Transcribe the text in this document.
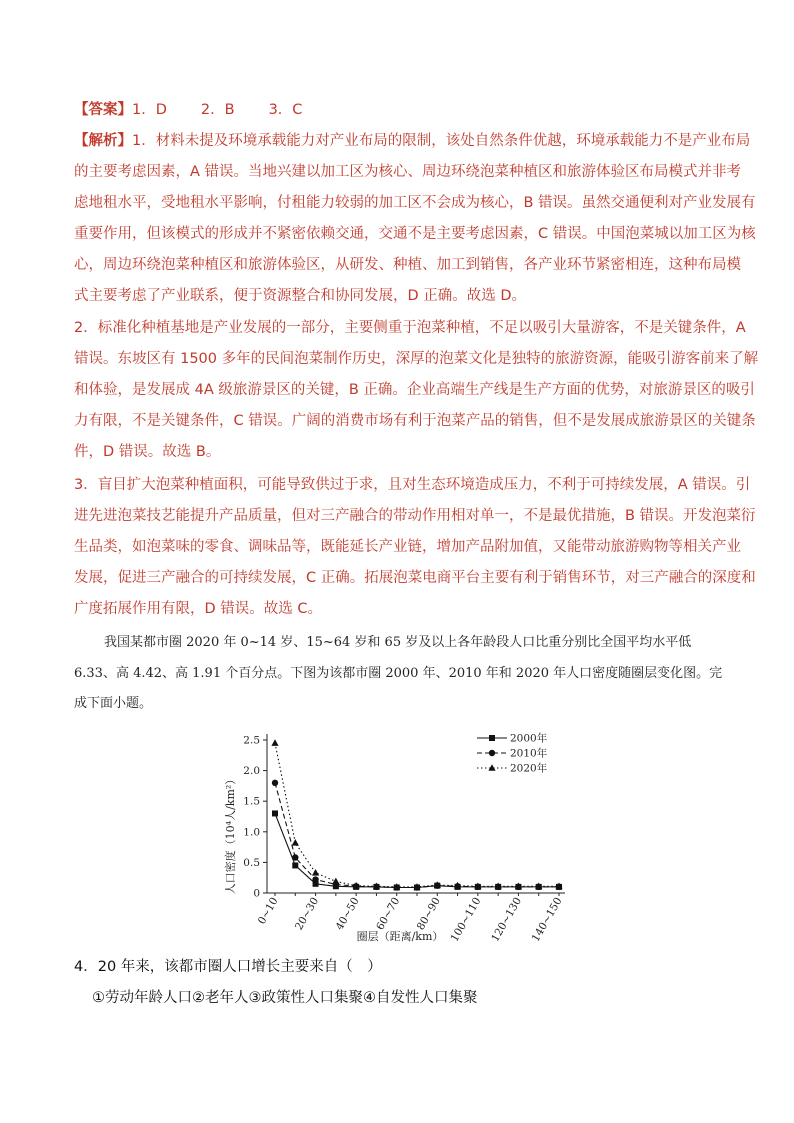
【答案】1．D 2．B 3．C
【解析】1．材料未提及环境承载能力对产业布局的限制，该处自然条件优越，环境承载能力不是产业布局
的主要考虑因素，A 错误。当地兴建以加工区为核心、周边环绕泡菜种植区和旅游体验区布局模式并非考
虑地租水平，受地租水平影响，付租能力较弱的加工区不会成为核心，B 错误。虽然交通便利对产业发展有
重要作用，但该模式的形成并不紧密依赖交通，交通不是主要考虑因素，C 错误。中国泡菜城以加工区为核
心，周边环绕泡菜种植区和旅游体验区，从研发、种植、加工到销售，各产业环节紧密相连，这种布局模
式主要考虑了产业联系，便于资源整合和协同发展，D 正确。故选 D。
2．标准化种植基地是产业发展的一部分，主要侧重于泡菜种植，不足以吸引大量游客，不是关键条件，A
错误。东坡区有 1500 多年的民间泡菜制作历史，深厚的泡菜文化是独特的旅游资源，能吸引游客前来了解
和体验，是发展成 4A 级旅游景区的关键，B 正确。企业高端生产线是生产方面的优势，对旅游景区的吸引
力有限，不是关键条件，C 错误。广阔的消费市场有利于泡菜产品的销售，但不是发展成旅游景区的关键条
件，D 错误。故选 B。
3．盲目扩大泡菜种植面积，可能导致供过于求，且对生态环境造成压力，不利于可持续发展，A 错误。引
进先进泡菜技艺能提升产品质量，但对三产融合的带动作用相对单一，不是最优措施，B 错误。开发泡菜衍
生品类，如泡菜味的零食、调味品等，既能延长产业链，增加产品附加值，又能带动旅游购物等相关产业
发展，促进三产融合的可持续发展，C 正确。拓展泡菜电商平台主要有利于销售环节，对三产融合的深度和
广度拓展作用有限，D 错误。故选 C。
我国某都市圈 2020 年 0~14 岁、15~64 岁和 65 岁及以上各年龄段人口比重分别比全国平均水平低
6.33、高 4.42、高 1.91 个百分点。下图为该都市圈 2000 年、2010 年和 2020 年人口密度随圈层变化图。完
成下面小题。
0
0.5
1.0
1.5
2.0
2.5
0~10 20~30 40~50 60~70 80~90 100~110 120~130 140~150
2000年
2010年
2020年
人口密度（10⁴人/km²）
圈层（距离/km）
4．20 年来，该都市圈人口增长主要来自（　）
①劳动年龄人口②老年人③政策性人口集聚④自发性人口集聚
